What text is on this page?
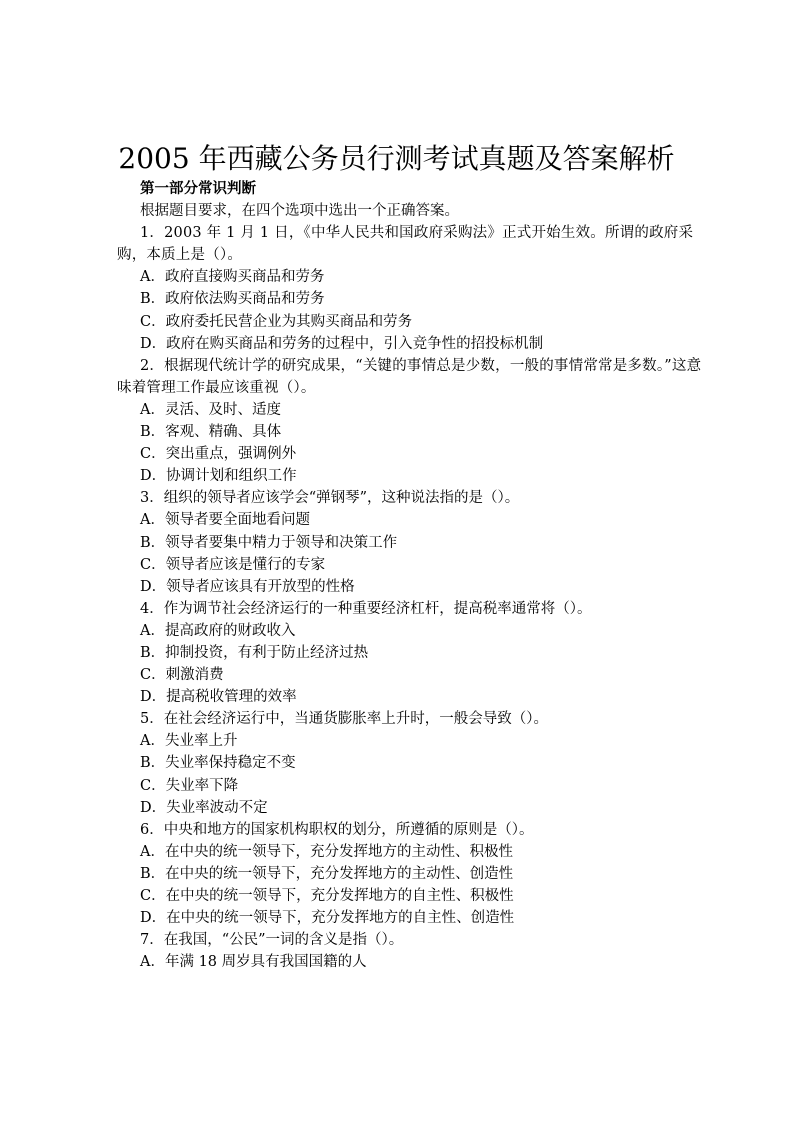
2005 年西藏公务员行测考试真题及答案解析
第一部分常识判断
根据题目要求，在四个选项中选出一个正确答案。
1．2003 年 1 月 1 日，《中华人民共和国政府采购法》正式开始生效。所谓的政府采购，本质上是（）。
A．政府直接购买商品和劳务
B．政府依法购买商品和劳务
C．政府委托民营企业为其购买商品和劳务
D．政府在购买商品和劳务的过程中，引入竞争性的招投标机制
2．根据现代统计学的研究成果，“关键的事情总是少数，一般的事情常常是多数。”这意味着管理工作最应该重视（）。
A．灵活、及时、适度
B．客观、精确、具体
C．突出重点，强调例外
D．协调计划和组织工作
3．组织的领导者应该学会“弹钢琴”，这种说法指的是（）。
A．领导者要全面地看问题
B．领导者要集中精力于领导和决策工作
C．领导者应该是懂行的专家
D．领导者应该具有开放型的性格
4．作为调节社会经济运行的一种重要经济杠杆，提高税率通常将（）。
A．提高政府的财政收入
B．抑制投资，有利于防止经济过热
C．刺激消费
D．提高税收管理的效率
5．在社会经济运行中，当通货膨胀率上升时，一般会导致（）。
A．失业率上升
B．失业率保持稳定不变
C．失业率下降
D．失业率波动不定
6．中央和地方的国家机构职权的划分，所遵循的原则是（）。
A．在中央的统一领导下，充分发挥地方的主动性、积极性
B．在中央的统一领导下，充分发挥地方的主动性、创造性
C．在中央的统一领导下，充分发挥地方的自主性、积极性
D．在中央的统一领导下，充分发挥地方的自主性、创造性
7．在我国，“公民”一词的含义是指（）。
A．年满 18 周岁具有我国国籍的人
